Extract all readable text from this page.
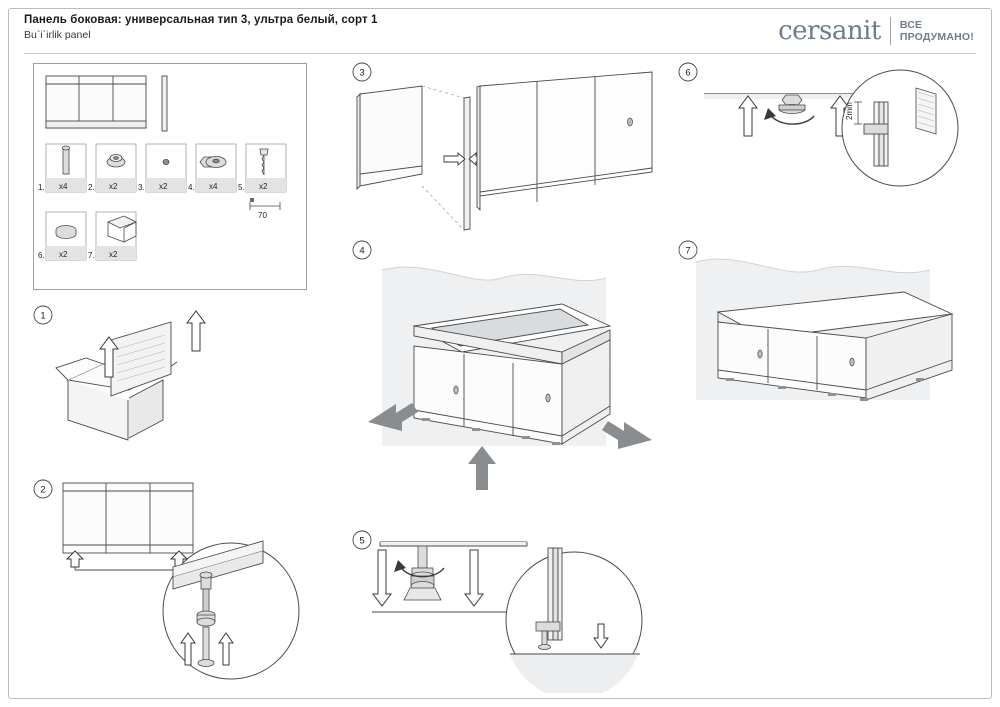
Панель боковая: универсальная тип 3, ультра белый, сорт 1
Bu`i`irlik panel	cersanit ВСЕ
ПРОДУМАНО!
70
1. x4	2. x2	3. x2	4. x4	5. x2
6. x2	7. x2
1
2
3
4
5
6
2mm
7
